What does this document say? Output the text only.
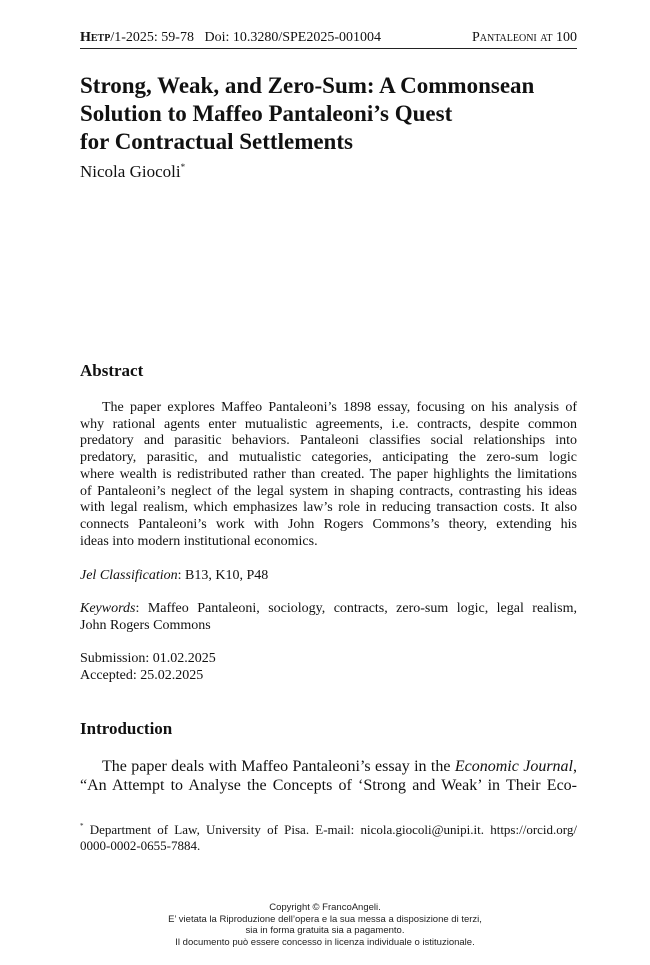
Hetp/1-2025: 59-78 Doi: 10.3280/SPE2025-001004	Pantaleoni at 100
Strong, Weak, and Zero-Sum: A Commonsean
Solution to Maffeo Pantaleoni’s Quest
for Contractual Settlements
Nicola Giocoli*
Abstract
The paper explores Maffeo Pantaleoni’s 1898 essay, focusing on his analysis of
why rational agents enter mutualistic agreements, i.e. contracts, despite common
predatory and parasitic behaviors. Pantaleoni classifies social relationships into
predatory, parasitic, and mutualistic categories, anticipating the zero-sum logic
where wealth is redistributed rather than created. The paper highlights the limitations
of Pantaleoni’s neglect of the legal system in shaping contracts, contrasting his ideas
with legal realism, which emphasizes law’s role in reducing transaction costs. It also
connects Pantaleoni’s work with John Rogers Commons’s theory, extending his
ideas into modern institutional economics.
Jel Classification: B13, K10, P48
Keywords: Maffeo Pantaleoni, sociology, contracts, zero-sum logic, legal realism,
John Rogers Commons
Submission: 01.02.2025
Accepted: 25.02.2025
Introduction
The paper deals with Maffeo Pantaleoni’s essay in the Economic Journal,
“An Attempt to Analyse the Concepts of ‘Strong and Weak’ in Their Eco-
* Department of Law, University of Pisa. E-mail: nicola.giocoli@unipi.it. https://orcid.org/
0000-0002-0655-7884.
Copyright © FrancoAngeli.
E’ vietata la Riproduzione dell’opera e la sua messa a disposizione di terzi,
sia in forma gratuita sia a pagamento.
Il documento può essere concesso in licenza individuale o istituzionale.
